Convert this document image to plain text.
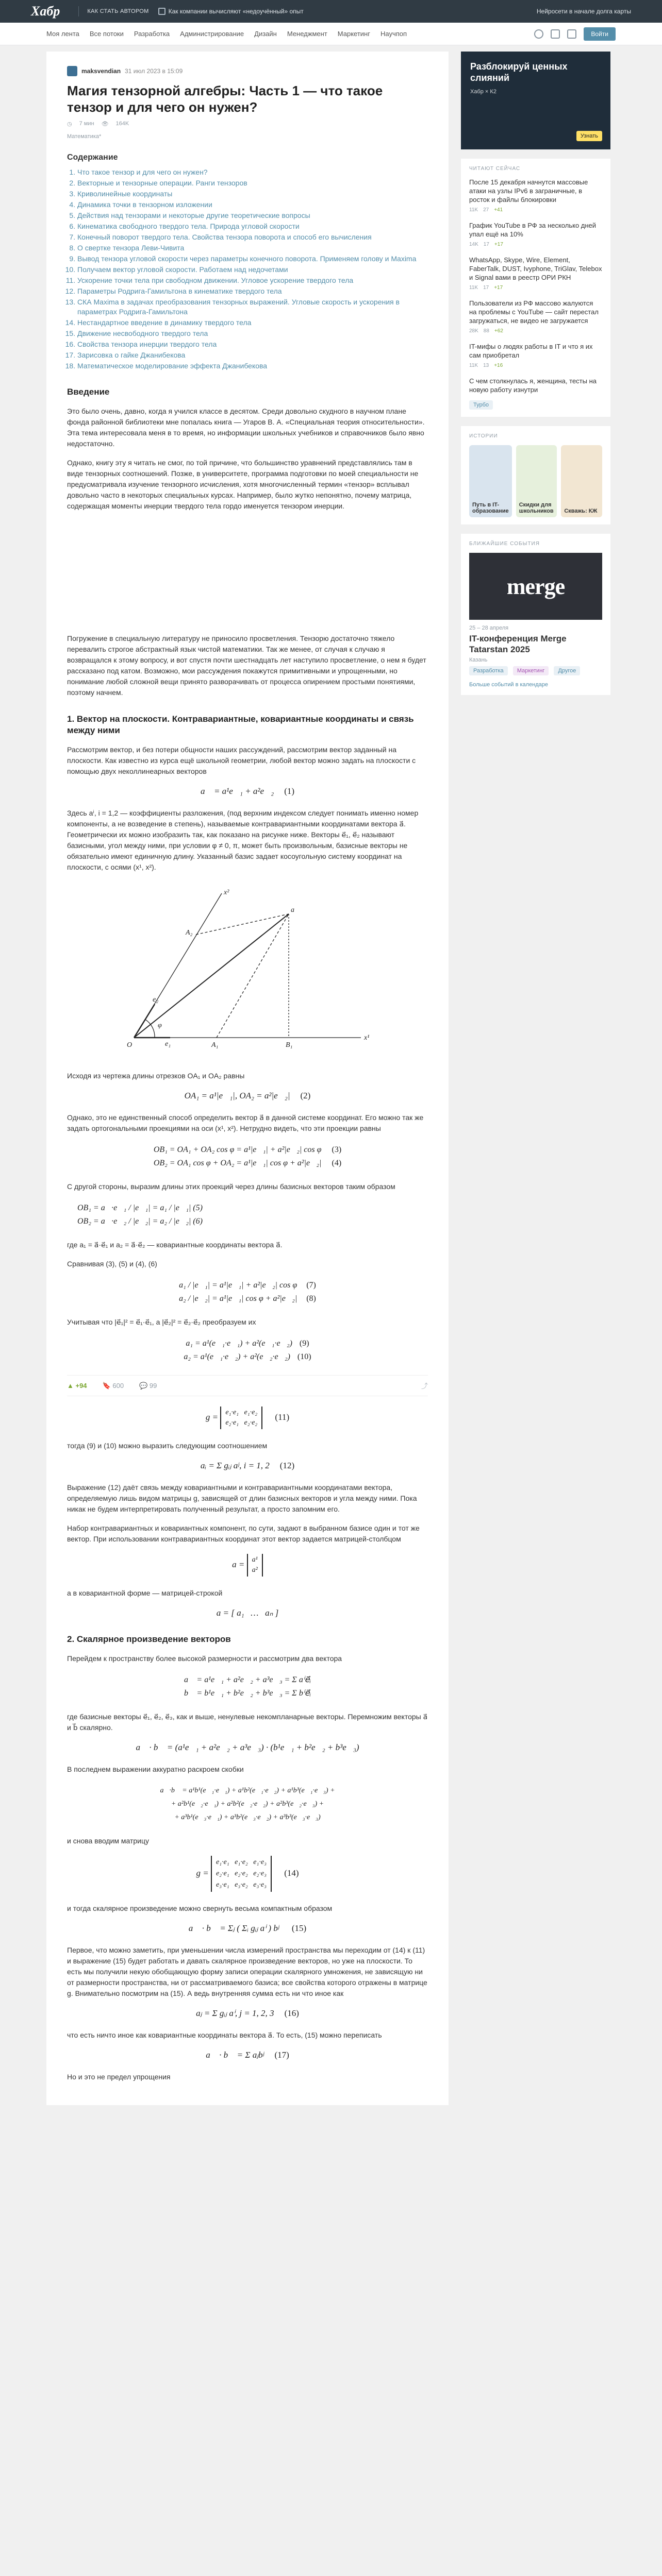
Хабр	КАК СТАТЬ АВТОРОМ	Как компании вычисляют «недоучённый» опыт	Нейросети в начале долга карты
Моя лента Все потоки Разработка Администрирование Дизайн Менеджмент Маркетинг Научпоп	Войти
maksvendian 31 июл 2023 в 15:09
Магия тензорной алгебры: Часть 1 — что такое тензор и для чего он нужен?
◷ 7 мин 👁 164K
Математика*
Содержание
1. Что такое тензор и для чего он нужен?
2. Векторные и тензорные операции. Ранги тензоров
3. Криволинейные координаты
4. Динамика точки в тензорном изложении
5. Действия над тензорами и некоторые другие теоретические вопросы
6. Кинематика свободного твердого тела. Природа угловой скорости
7. Конечный поворот твердого тела. Свойства тензора поворота и способ его вычисления
8. О свертке тензора Леви-Чивита
9. Вывод тензора угловой скорости через параметры конечного поворота. Применяем голову и Maxima
10. Получаем вектор угловой скорости. Работаем над недочетами
11. Ускорение точки тела при свободном движении. Угловое ускорение твердого тела
12. Параметры Родрига-Гамильтона в кинематике твердого тела
13. СКА Maxima в задачах преобразования тензорных выражений. Угловые скорость и ускорения в параметрах Родрига-Гамильтона
14. Нестандартное введение в динамику твердого тела
15. Движение несвободного твердого тела
16. Свойства тензора инерции твердого тела
17. Зарисовка о гайке Джанибекова
18. Математическое моделирование эффекта Джанибекова
Введение

Это было очень, давно, когда я учился классе в десятом. Среди довольно скудного в научном плане фонда районной библиотеки мне попалась книга — Угаров В. А. «Специальная теория относительности». Эта тема интересовала меня в то время, но информации школьных учебников и справочников было явно недостаточно.

Однако, книгу эту я читать не смог, по той причине, что большинство уравнений представлялись там в виде тензорных соотношений. Позже, в университете, программа подготовки по моей специальности не предусматривала изучение тензорного исчисления, хотя многочисленный термин «тензор» всплывал довольно часто в некоторых специальных курсах. Например, было жутко непонятно, почему матрица, содержащая моменты инерции твердого тела гордо именуется тензором инерции.

Погружение в специальную литературу не приносило просветления. Тензорю достаточно тяжело перевалить строгое абстрактный язык чистой математики. Так же менее, от случая к случаю я возвращался к этому вопросу, и вот спустя почти шестнадцать лет наступило просветление, о нем я будет рассказано под катом. Возможно, мои рассуждения покажутся примитивными и упрощенными, но понимание любой сложной вещи принято разворачивать от процесса опирением простыми понятиями, поэтому начнем.

1. Вектор на плоскости. Контравариантные, ковариантные координаты и связь между ними

Рассмотрим вектор, и без потери общности наших рассуждений, рассмотрим вектор заданный на плоскости. Как известно из курса ещё школьной геометрии, любой вектор можно задать на плоскости с помощью двух неколлинеарных векторов

a⃗ = a¹e⃗₁ + a²e⃗₂ (1)

Здесь aⁱ, i = 1,2 — коэффициенты разложения, (под верхним индексом следует понимать именно номер компоненты, а не возведение в степень), называемые контравариантными координатами вектора a⃗. Геометрически их можно изобразить так, как показано на рисунке ниже. Векторы e⃗₁, e⃗₂ называют базисными, угол между ними, при условии φ ≠ 0, π, может быть произвольным, базисные векторы не обязательно имеют единичную длину. Указанный базис задает косоугольную систему координат на плоскости, с осями (x¹, x²).

O
x¹
x²
a
A₁	B₁
A₂
e₂
e₁
φ

Исходя из чертежа длины отрезков OA₁ и OA₂ равны

OA₁ = a¹|e⃗₁|, OA₂ = a²|e⃗₂| (2)

Однако, это не единственный способ определить вектор a⃗ в данной системе координат. Его можно так же задать ортогональными проекциями на оси (x¹, x²). Нетрудно видеть, что эти проекции равны

OB₁ = OA₁ + OA₂ cos φ = a¹|e⃗₁| + a²|e⃗₂| cos φ (3)
OB₂ = OA₁ cos φ + OA₂ = a¹|e⃗₁| cos φ + a²|e⃗₂| (4)

С другой стороны, выразим длины этих проекций через длины базисных векторов таким образом

OB₁ = a⃗·e⃗₁ / |e⃗₁| = a₁ / |e⃗₁| (5)
OB₂ = a⃗·e⃗₂ / |e⃗₂| = a₂ / |e⃗₂| (6)

где a₁ = a⃗·e⃗₁ и a₂ = a⃗·e⃗₂ — ковариантные координаты вектора a⃗.

Сравнивая (3), (5) и (4), (6)

a₁ / |e⃗₁| = a¹|e⃗₁| + a²|e⃗₂| cos φ (7)
a₂ / |e⃗₂| = a¹|e⃗₁| cos φ + a²|e⃗₂| (8)

Учитывая что |e⃗₁|² = e⃗₁·e⃗₁, а |e⃗₂|² = e⃗₂·e⃗₂ преобразуем их

a₁ = a¹(e⃗₁·e⃗₁) + a²(e⃗₁·e⃗₂) (9)
a₂ = a¹(e⃗₁·e⃗₂) + a²(e⃗₂·e⃗₂) (10)
▲ +94 🔖 600 💬 99	⤴
g = e₁·e₁   e₁·e₂
e₂·e₁   e₂·e₂ (11)

тогда (9) и (10) можно выразить следующим соотношением

aᵢ = Σ gᵢⱼ aʲ, i = 1, 2 (12)

Выражение (12) даёт связь между ковариантными и контравариантными координатами вектора, определяемую лишь видом матрицы g, зависящей от длин базисных векторов и угла между ними. Пока никак не будем интерпретировать полученный результат, а просто запомним его.

Набор контравариантных и ковариантных компонент, по сути, задают в выбранном базисе один и тот же вектор. При использовании контравариантных координат этот вектор задается матрицей-столбцом

a = a¹
a²

а в ковариантной форме — матрицей-строкой

a = [ a₁   …   aₙ ]
2. Скалярное произведение векторов

Перейдем к пространству более высокой размерности и рассмотрим два вектора

a⃗ = a¹e⃗₁ + a²e⃗₂ + a³e⃗₃ = Σ aⁱe⃗ᵢ
b⃗ = b¹e⃗₁ + b²e⃗₂ + b³e⃗₃ = Σ bⁱe⃗ᵢ

где базисные векторы e⃗₁, e⃗₂, e⃗₃, как и выше, ненулевые некомпланарные векторы. Перемножим векторы a⃗ и b⃗ скалярно.

a⃗ · b⃗ = (a¹e⃗₁ + a²e⃗₂ + a³e⃗₃) · (b¹e⃗₁ + b²e⃗₂ + b³e⃗₃)

В последнем выражении аккуратно раскроем скобки

a⃗·b⃗ = a¹b¹(e⃗₁·e⃗₁) + a¹b²(e⃗₁·e⃗₂) + a¹b³(e⃗₁·e⃗₃) +
+ a²b¹(e⃗₂·e⃗₁) + a²b²(e⃗₂·e⃗₂) + a²b³(e⃗₂·e⃗₃) +
+ a³b¹(e⃗₃·e⃗₁) + a³b²(e⃗₃·e⃗₂) + a³b³(e⃗₃·e⃗₃)

и снова вводим матрицу

g = e₁·e₁   e₁·e₂   e₁·e₃
e₂·e₁   e₂·e₂   e₂·e₃
e₃·e₁   e₃·e₂   e₃·e₃ (14)

и тогда скалярное произведение можно свернуть весьма компактным образом

a⃗ · b⃗ = Σⱼ ( Σᵢ gᵢⱼ aⁱ ) bʲ (15)

Первое, что можно заметить, при уменьшении числа измерений пространства мы переходим от (14) к (11) и выражение (15) будет работать и давать скалярное произведение векторов, но уже на плоскости. То есть мы получили некую обобщающую форму записи операции скалярного умножения, не зависящую ни от размерности пространства, ни от рассматриваемого базиса; все свойства которого отражены в матрице g. Внимательно посмотрим на (15). А ведь внутренняя сумма есть ни что иное как

aⱼ = Σ gᵢⱼ aⁱ, j = 1, 2, 3 (16)

что есть ничто иное как ковариантные координаты вектора a⃗. То есть, (15) можно переписать

a⃗ · b⃗ = Σ aⱼbʲ (17)

Но и это не предел упрощения

Разблокируй ценных слияний
Хабр × К2
Узнать
ЧИТАЮТ СЕЙЧАС
После 15 декабря начнутся массовые атаки на узлы IPv6 в заграничные, в росток и файлы блокировки
11K 27 +41
График YouTube в РФ за несколько дней упал ещё на 10%
14K 17 +17
WhatsApp, Skype, Wire, Element, FaberTalk, DUST, Ivyphone, TriGlav, Telebox и Signal вами в реестр ОРИ РКН
11K 17 +17
Пользователи из РФ массово жалуются на проблемы с YouTube — сайт перестал загружаться, не видео не загружается
28K 88 +62
IT-мифы о людях работы в IT и что я их сам приобретал
11K 13 +16
С чем столкнулась я, женщина, тесты на новую работу изнутри
Турбо
ИСТОРИИ
Путь в IT-образование
Скидки для школьников	Скважь: КЖ
БЛИЖАЙШИЕ СОБЫТИЯ
merge
25 – 28 апреля
IT-конференция Merge Tatarstan 2025
Казань
Разработка Маркетинг Другое
Больше событий в календаре
